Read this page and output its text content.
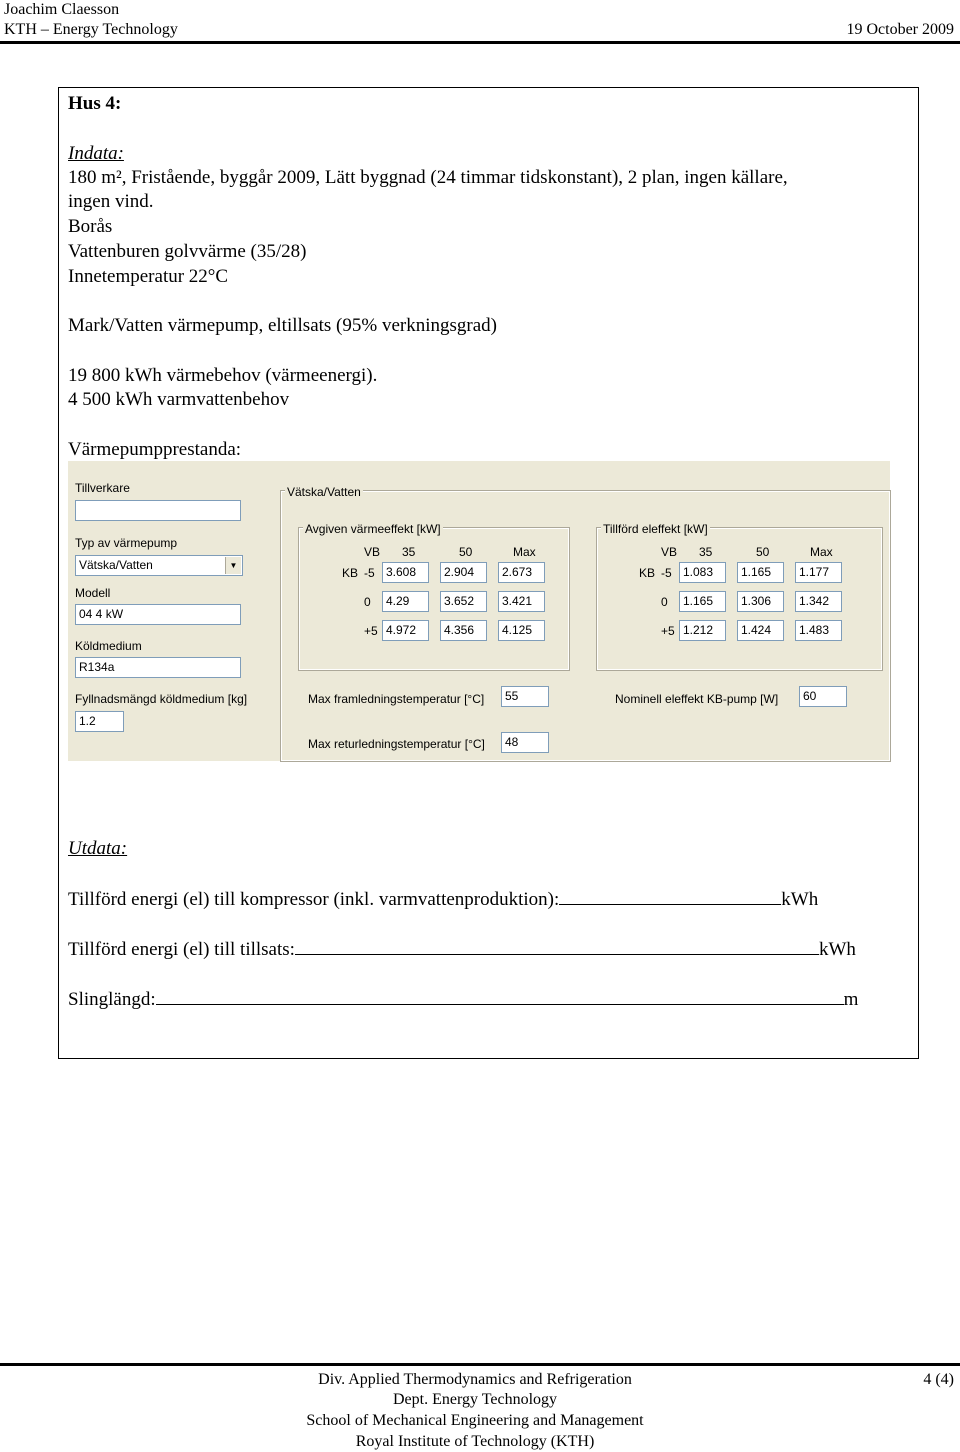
Joachim Claesson
KTH – Energy Technology	19 October 2009
Hus 4:
Indata:
180 m², Fristående, byggår 2009, Lätt byggnad (24 timmar tidskonstant), 2 plan, ingen källare,
ingen vind.
Borås
Vattenburen golvvärme (35/28)
Innetemperatur 22°C
Mark/Vatten värmepump, eltillsats (95% verkningsgrad)
19 800 kWh värmebehov (värmeenergi).
4 500 kWh varmvattenbehov
Värmepumpprestanda:
Tillverkare
Typ av värmepump
Vätska/Vatten	▼
Modell
04 4 kW
Köldmedium
R134a
Fyllnadsmängd köldmedium [kg]
1.2
Vätska/Vatten
Avgiven värmeeffekt [kW]	Tillförd eleffekt [kW]
VB 35	50	Max
KB -5 3.608	2.904	2.673
0	4.29	3.652	3.421
+5 4.972	4.356	4.125
VB 35	50	Max
KB -5 1.083	1.165	1.177
0	1.165	1.306	1.342
+5 1.212	1.424	1.483
Max framledningstemperatur [°C]	55
Max returledningstemperatur [°C]	48
Nominell eleffekt KB-pump [W]	60
Utdata:
Tillförd energi (el) till kompressor (inkl. varmvattenproduktion):	kWh
Tillförd energi (el) till tillsats:	kWh
Slinglängd:	m
Div. Applied Thermodynamics and Refrigeration
Dept. Energy Technology
School of Mechanical Engineering and Management
Royal Institute of Technology (KTH)
4 (4)
